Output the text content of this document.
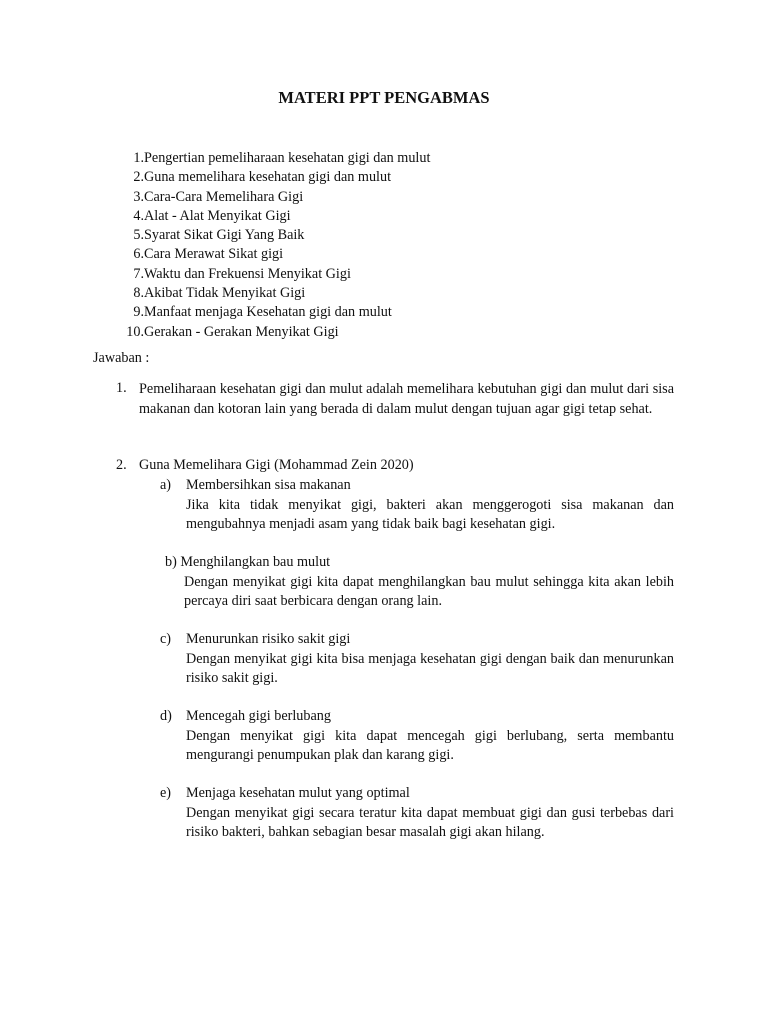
MATERI PPT PENGABMAS
1. Pengertian pemeliharaan kesehatan gigi dan mulut
2. Guna memelihara kesehatan gigi dan mulut
3. Cara-Cara Memelihara Gigi
4. Alat - Alat Menyikat Gigi
5. Syarat Sikat Gigi Yang Baik
6. Cara Merawat Sikat gigi
7. Waktu dan Frekuensi Menyikat Gigi
8. Akibat Tidak Menyikat Gigi
9. Manfaat menjaga Kesehatan gigi dan mulut
10. Gerakan - Gerakan Menyikat Gigi
Jawaban :
1. Pemeliharaan kesehatan gigi dan mulut adalah memelihara kebutuhan gigi dan mulut dari sisa makanan dan kotoran lain yang berada di dalam mulut dengan tujuan agar gigi tetap sehat.
2. Guna Memelihara Gigi (Mohammad Zein 2020)
a) Membersihkan sisa makanan
Jika kita tidak menyikat gigi, bakteri akan menggerogoti sisa makanan dan mengubahnya menjadi asam yang tidak baik bagi kesehatan gigi.
b) Menghilangkan bau mulut
Dengan menyikat gigi kita dapat menghilangkan bau mulut sehingga kita akan lebih percaya diri saat berbicara dengan orang lain.
c) Menurunkan risiko sakit gigi
Dengan menyikat gigi kita bisa menjaga kesehatan gigi dengan baik dan menurunkan risiko sakit gigi.
d) Mencegah gigi berlubang
Dengan menyikat gigi kita dapat mencegah gigi berlubang, serta membantu mengurangi penumpukan plak dan karang gigi.
e) Menjaga kesehatan mulut yang optimal
Dengan menyikat gigi secara teratur kita dapat membuat gigi dan gusi terbebas dari risiko bakteri, bahkan sebagian besar masalah gigi akan hilang.
